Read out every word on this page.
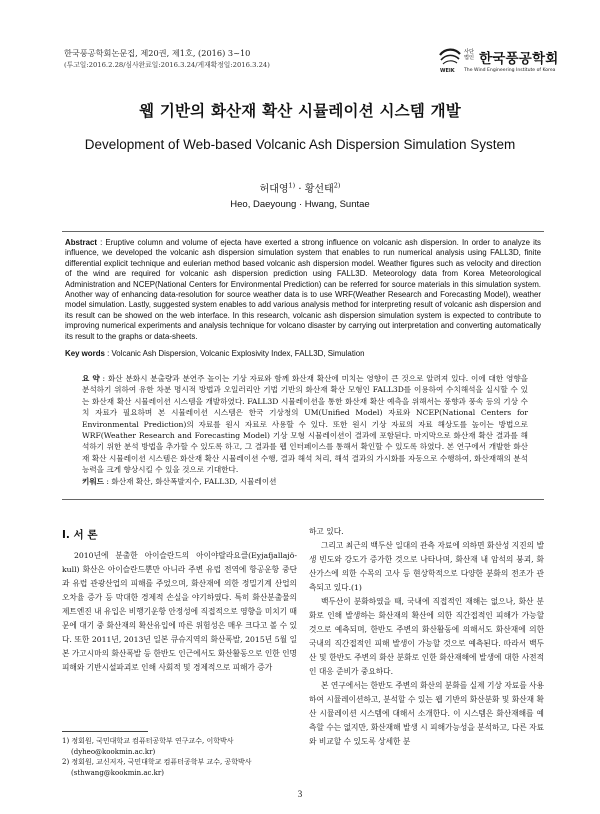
한국풍공학회논문집, 제20권, 제1호, (2016) 3~10
(투고일:2016.2.28/심사완료일:2016.3.24/게재확정일:2016.3.24)
사단
법인 한국풍공학회
WEIK The Wind Engineering Institute of Korea
웹 기반의 화산재 확산 시뮬레이션 시스템 개발
Development of Web-based Volcanic Ash Dispersion Simulation System
허대영$^{1)}$ · 황선태$^{2)}$
Heo, Daeyoung · Hwang, Suntae
Abstract : Eruptive column and volume of ejecta have exerted a strong influence on volcanic ash dispersion. In order to analyze its influence, we developed the volcanic ash dispersion simulation system that enables to run numerical analysis using FALL3D, finite differential explicit technique and eulerian method based volcanic ash dispersion model. Weather figures such as velocity and direction of the wind are required for volcanic ash dispersion prediction using FALL3D. Meteorology data from Korea Meteorological Administration and NCEP(National Centers for Environmental Prediction) can be referred for source materials in this simulation system. Another way of enhancing data-resolution for source weather data is to use WRF(Weather Research and Forecasting Model), weather model simulation. Lastly, suggested system enables to add various analysis method for interpreting result of volcanic ash dispersion and its result can be showed on the web interface. In this research, volcanic ash dispersion simulation system is expected to contribute to improving numerical experiments and analysis technique for volcano disaster by carrying out interpretation and converting automatically its result to the graphs or data-sheets.
Key words : Volcanic Ash Dispersion, Volcanic Explosivity Index, FALL3D, Simulation
요 약 : 화산 분화시 분출량과 분연주 높이는 기상 자료와 함께 화산재 확산에 미치는 영향이 큰 것으로 알려져 있다. 이에 대한 영향을 분석하기 위하여 유한 차분 명시적 방법과 오일러리안 기법 기반의 화산재 확산 모형인 FALL3D를 이용하여 수치해석을 실시할 수 있는 화산재 확산 시뮬레이션 시스템을 개발하였다. FALL3D 시뮬레이션을 통한 화산재 확산 예측을 위해서는 풍향과 풍속 등의 기상 수치 자료가 필요하며 본 시뮬레이션 시스템은 한국 기상청의 UM(Unified Model) 자료와 NCEP(National Centers for Environmental Prediction)의 자료를 원시 자료로 사용할 수 있다. 또한 원시 기상 자료의 자료 해상도를 높이는 방법으로 WRF(Weather Research and Forecasting Model) 기상 모형 시뮬레이션이 결과에 포함된다. 마지막으로 화산재 확산 결과를 해석하기 위한 분석 방법을 추가할 수 있도록 하고, 그 결과를 웹 인터페이스를 통해서 확인할 수 있도록 하였다. 본 연구에서 개발한 화산재 확산 시뮬레이션 시스템은 화산재 확산 시뮬레이션 수행, 결과 해석 처리, 해석 결과의 가시화를 자동으로 수행하여, 화산재해의 분석 능력을 크게 향상시킬 수 있을 것으로 기대한다.
키워드 : 화산재 확산, 화산폭발지수, FALL3D, 시뮬레이션
I. 서 론

2010년에 분출한 아이슬란드의 아이야랄라요클(Eyjafjallajö-kull) 화산은 아이슬란드뿐만 아니라 주변 유럽 전역에 항공운항 중단과 유럽 관광산업의 피해를 주었으며, 화산재에 의한 정밀기계 산업의 오차율 증가 등 막대한 경제적 손실을 야기하였다. 특히 화산분출물의 제트엔진 내 유입은 비행기운항 안정성에 직접적으로 영향을 미치기 때문에 대기 중 화산재의 확산유입에 따른 위험성은 매우 크다고 볼 수 있다. 또한 2011년, 2013년 일본 큐슈지역의 화산폭발, 2015년 5월 일본 가고시마의 화산폭발 등 한반도 인근에서도 화산활동으로 인한 인명 피해와 기반시설파괴로 인해 사회적 및 경제적으로 피해가 증가

하고 있다.

그리고 최근의 백두산 일대의 관측 자료에 의하면 화산성 지진의 발생 빈도와 강도가 증가한 것으로 나타나며, 화산재 내 암석의 붕괴, 화산가스에 의한 수목의 고사 등 현상학적으로 다양한 분화의 전조가 관측되고 있다.(1)

백두산이 분화하였을 때, 국내에 직접적인 재해는 없으나, 화산 분화로 인해 발생하는 화산재의 확산에 의한 직간접적인 피해가 가능할 것으로 예측되며, 한반도 주변의 화산활동에 의해서도 화산재에 의한 국내의 직간접적인 피해 발생이 가능할 것으로 예측된다. 따라서 백두산 및 한반도 주변의 화산 분화로 인한 화산재해에 발생에 대한 사전적인 대응 준비가 중요하다.

본 연구에서는 한반도 주변의 화산의 분화를 실제 기상 자료를 사용하여 시뮬레이션하고, 분석할 수 있는 웹 기반의 화산분화 및 화산재 확산 시뮬레이션 시스템에 대해서 소개한다. 이 시스템은 화산재해를 예측할 수는 없지만, 화산재해 발생 시 피해가능성을 분석하고, 다른 자료와 비교할 수 있도록 상세한 분

1) 정회원, 국민대학교 컴퓨터공학부 연구교수, 이학박사
(dyheo@kookmin.ac.kr)
2) 정회원, 교신저자, 국민대학교 컴퓨터공학부 교수, 공학박사
(sthwang@kookmin.ac.kr)
3
